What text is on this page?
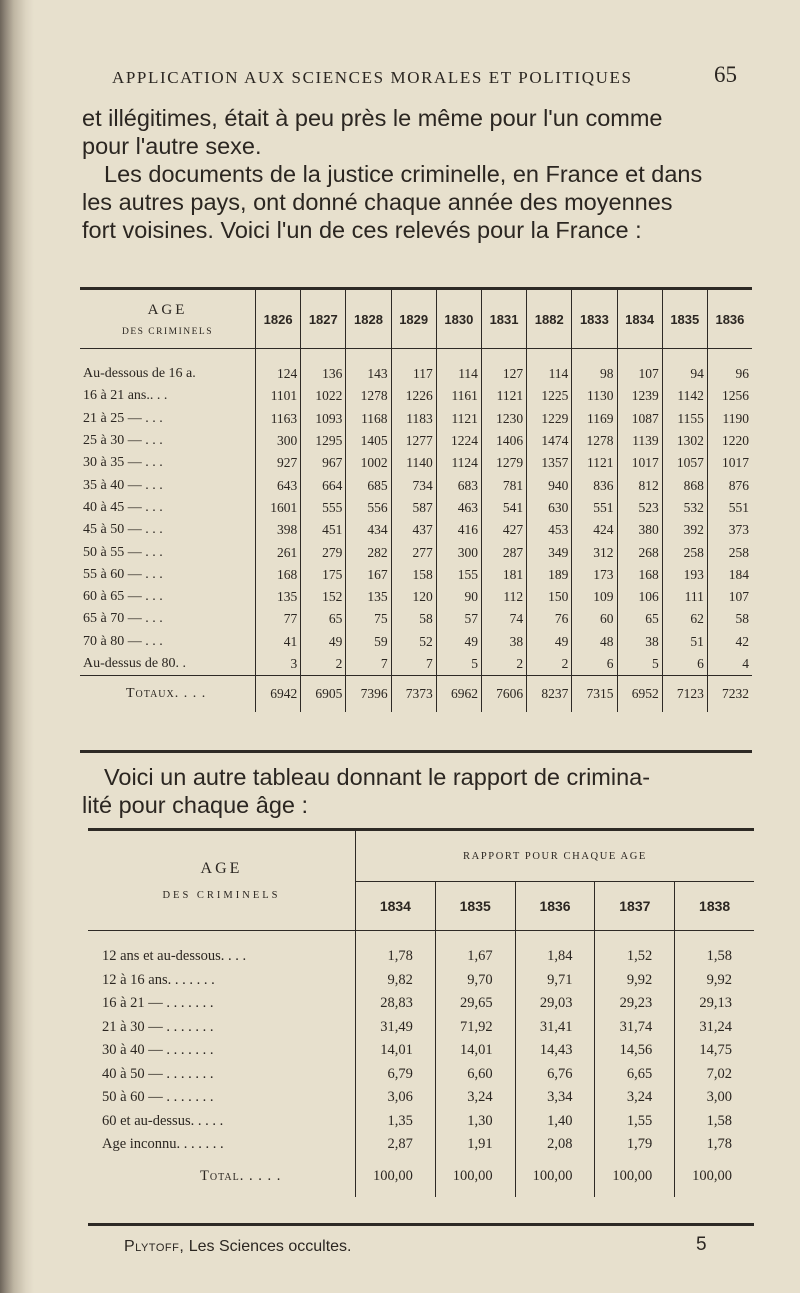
APPLICATION AUX SCIENCES MORALES ET POLITIQUES	65
et illégitimes, était à peu près le même pour l'un comme
pour l'autre sexe.
Les documents de la justice criminelle, en France et dans
les autres pays, ont donné chaque année des moyennes
fort voisines. Voici l'un de ces relevés pour la France :
AGE
DES CRIMINELS	1826	1827	1828	1829	1830	1831	1882	1833	1834	1835	1836

Au-dessous de 16 a.	124	136	143	117	114	127	114	98	107	94	96
16 à 21 ans.. . .	1101	1022	1278	1226	1161	1121	1225	1130	1239	1142	1256
21 à 25 — . . .	1163	1093	1168	1183	1121	1230	1229	1169	1087	1155	1190
25 à 30 — . . .	300	1295	1405	1277	1224	1406	1474	1278	1139	1302	1220
30 à 35 — . . .	927	967	1002	1140	1124	1279	1357	1121	1017	1057	1017
35 à 40 — . . .	643	664	685	734	683	781	940	836	812	868	876
40 à 45 — . . .	1601	555	556	587	463	541	630	551	523	532	551
45 à 50 — . . .	398	451	434	437	416	427	453	424	380	392	373
50 à 55 — . . .	261	279	282	277	300	287	349	312	268	258	258
55 à 60 — . . .	168	175	167	158	155	181	189	173	168	193	184
60 à 65 — . . .	135	152	135	120	90	112	150	109	106	111	107
65 à 70 — . . .	77	65	75	58	57	74	76	60	65	62	58
70 à 80 — . . .	41	49	59	52	49	38	49	48	38	51	42
Au-dessus de 80. .	3	2	7	7	5	2	2	6	5	6	4
Totaux. . . .	6942	6905	7396	7373	6962	7606	8237	7315	6952	7123	7232
Voici un autre tableau donnant le rapport de crimina-
lité pour chaque âge :
AGE
DES CRIMINELS	RAPPORT POUR CHAQUE AGE				
	1834	1835	1836	1837	1838

12 ans et au-dessous. . . .	1,78	1,67	1,84	1,52	1,58
12 à 16 ans. . . . . . .	9,82	9,70	9,71	9,92	9,92
16 à 21 — . . . . . . .	28,83	29,65	29,03	29,23	29,13
21 à 30 — . . . . . . .	31,49	71,92	31,41	31,74	31,24
30 à 40 — . . . . . . .	14,01	14,01	14,43	14,56	14,75
40 à 50 — . . . . . . .	6,79	6,60	6,76	6,65	7,02
50 à 60 — . . . . . . .	3,06	3,24	3,34	3,24	3,00
60 et au-dessus. . . . .	1,35	1,30	1,40	1,55	1,58
Age inconnu. . . . . . .	2,87	1,91	2,08	1,79	1,78
Total. . . . .	100,00	100,00	100,00	100,00	100,00
Plytoff, Les Sciences occultes.	5
